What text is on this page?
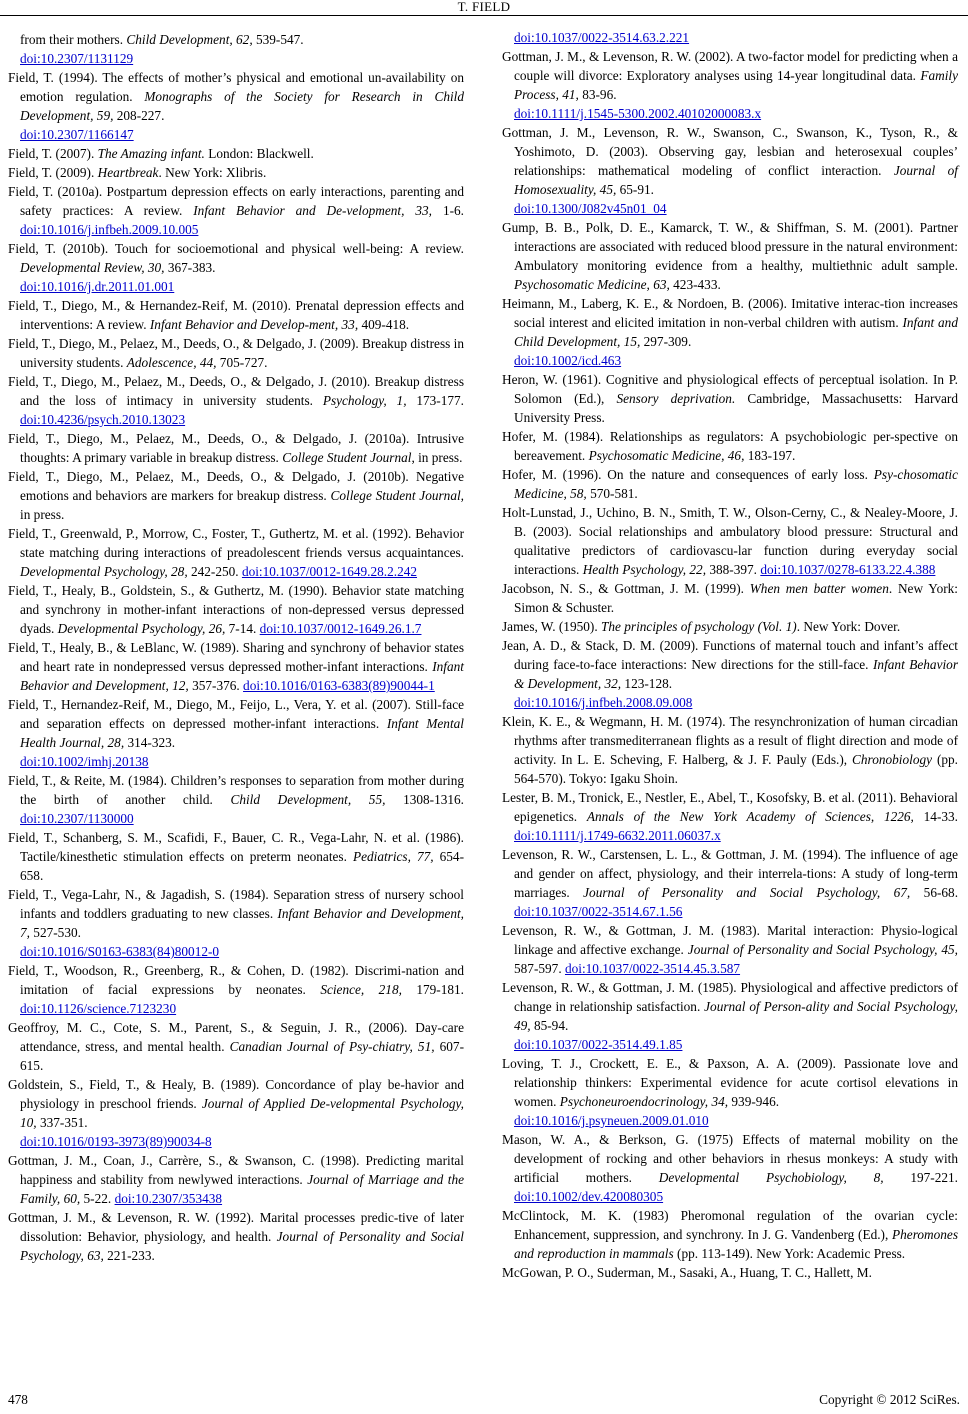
T. FIELD
from their mothers. Child Development, 62, 539-547.
doi:10.2307/1131129
Field, T. (1994). The effects of mother’s physical and emotional un-availability on emotion regulation. Monographs of the Society for Research in Child Development, 59, 208-227.
doi:10.2307/1166147
Field, T. (2007). The Amazing infant. London: Blackwell.
Field, T. (2009). Heartbreak. New York: Xlibris.
Field, T. (2010a). Postpartum depression effects on early interactions, parenting and safety practices: A review. Infant Behavior and De-velopment, 33, 1-6. doi:10.1016/j.infbeh.2009.10.005
Field, T. (2010b). Touch for socioemotional and physical well-being: A review. Developmental Review, 30, 367-383.
doi:10.1016/j.dr.2011.01.001
Field, T., Diego, M., & Hernandez-Reif, M. (2010). Prenatal depression effects and interventions: A review. Infant Behavior and Develop-ment, 33, 409-418.
Field, T., Diego, M., Pelaez, M., Deeds, O., & Delgado, J. (2009). Breakup distress in university students. Adolescence, 44, 705-727.
Field, T., Diego, M., Pelaez, M., Deeds, O., & Delgado, J. (2010). Breakup distress and the loss of intimacy in university students. Psychology, 1, 173-177. doi:10.4236/psych.2010.13023
Field, T., Diego, M., Pelaez, M., Deeds, O., & Delgado, J. (2010a). Intrusive thoughts: A primary variable in breakup distress. College Student Journal, in press.
Field, T., Diego, M., Pelaez, M., Deeds, O., & Delgado, J. (2010b). Negative emotions and behaviors are markers for breakup distress. College Student Journal, in press.
Field, T., Greenwald, P., Morrow, C., Foster, T., Guthertz, M. et al. (1992). Behavior state matching during interactions of preadolescent friends versus acquaintances. Developmental Psychology, 28, 242-250. doi:10.1037/0012-1649.28.2.242
Field, T., Healy, B., Goldstein, S., & Guthertz, M. (1990). Behavior state matching and synchrony in mother-infant interactions of non-depressed versus depressed dyads. Developmental Psychology, 26, 7-14. doi:10.1037/0012-1649.26.1.7
Field, T., Healy, B., & LeBlanc, W. (1989). Sharing and synchrony of behavior states and heart rate in nondepressed versus depressed mother-infant interactions. Infant Behavior and Development, 12, 357-376. doi:10.1016/0163-6383(89)90044-1
Field, T., Hernandez-Reif, M., Diego, M., Feijo, L., Vera, Y. et al. (2007). Still-face and separation effects on depressed mother-infant interactions. Infant Mental Health Journal, 28, 314-323.
doi:10.1002/imhj.20138
Field, T., & Reite, M. (1984). Children’s responses to separation from mother during the birth of another child. Child Development, 55, 1308-1316. doi:10.2307/1130000
Field, T., Schanberg, S. M., Scafidi, F., Bauer, C. R., Vega-Lahr, N. et al. (1986). Tactile/kinesthetic stimulation effects on preterm neonates. Pediatrics, 77, 654-658.
Field, T., Vega-Lahr, N., & Jagadish, S. (1984). Separation stress of nursery school infants and toddlers graduating to new classes. Infant Behavior and Development, 7, 527-530.
doi:10.1016/S0163-6383(84)80012-0
Field, T., Woodson, R., Greenberg, R., & Cohen, D. (1982). Discrimi-nation and imitation of facial expressions by neonates. Science, 218, 179-181. doi:10.1126/science.7123230
Geoffroy, M. C., Cote, S. M., Parent, S., & Seguin, J. R., (2006). Day-care attendance, stress, and mental health. Canadian Journal of Psy-chiatry, 51, 607-615.
Goldstein, S., Field, T., & Healy, B. (1989). Concordance of play be-havior and physiology in preschool friends. Journal of Applied De-velopmental Psychology, 10, 337-351.
doi:10.1016/0193-3973(89)90034-8
Gottman, J. M., Coan, J., Carrère, S., & Swanson, C. (1998). Predicting marital happiness and stability from newlywed interactions. Journal of Marriage and the Family, 60, 5-22. doi:10.2307/353438
Gottman, J. M., & Levenson, R. W. (1992). Marital processes predic-tive of later dissolution: Behavior, physiology, and health. Journal of Personality and Social Psychology, 63, 221-233.
doi:10.1037/0022-3514.63.2.221
Gottman, J. M., & Levenson, R. W. (2002). A two-factor model for predicting when a couple will divorce: Exploratory analyses using 14-year longitudinal data. Family Process, 41, 83-96.
doi:10.1111/j.1545-5300.2002.40102000083.x
Gottman, J. M., Levenson, R. W., Swanson, C., Swanson, K., Tyson, R., & Yoshimoto, D. (2003). Observing gay, lesbian and heterosexual couples’ relationships: mathematical modeling of conflict interaction. Journal of Homosexuality, 45, 65-91.
doi:10.1300/J082v45n01_04
Gump, B. B., Polk, D. E., Kamarck, T. W., & Shiffman, S. M. (2001). Partner interactions are associated with reduced blood pressure in the natural environment: Ambulatory monitoring evidence from a healthy, multiethnic adult sample. Psychosomatic Medicine, 63, 423-433.
Heimann, M., Laberg, K. E., & Nordoen, B. (2006). Imitative interac-tion increases social interest and elicited imitation in non-verbal children with autism. Infant and Child Development, 15, 297-309.
doi:10.1002/icd.463
Heron, W. (1961). Cognitive and physiological effects of perceptual isolation. In P. Solomon (Ed.), Sensory deprivation. Cambridge, Massachusetts: Harvard University Press.
Hofer, M. (1984). Relationships as regulators: A psychobiologic per-spective on bereavement. Psychosomatic Medicine, 46, 183-197.
Hofer, M. (1996). On the nature and consequences of early loss. Psy-chosomatic Medicine, 58, 570-581.
Holt-Lunstad, J., Uchino, B. N., Smith, T. W., Olson-Cerny, C., & Nealey-Moore, J. B. (2003). Social relationships and ambulatory blood pressure: Structural and qualitative predictors of cardiovascu-lar function during everyday social interactions. Health Psychology, 22, 388-397. doi:10.1037/0278-6133.22.4.388
Jacobson, N. S., & Gottman, J. M. (1999). When men batter women. New York: Simon & Schuster.
James, W. (1950). The principles of psychology (Vol. 1). New York: Dover.
Jean, A. D., & Stack, D. M. (2009). Functions of maternal touch and infant’s affect during face-to-face interactions: New directions for the still-face. Infant Behavior & Development, 32, 123-128.
doi:10.1016/j.infbeh.2008.09.008
Klein, K. E., & Wegmann, H. M. (1974). The resynchronization of human circadian rhythms after transmediterranean flights as a result of flight direction and mode of activity. In L. E. Scheving, F. Halberg, & J. F. Pauly (Eds.), Chronobiology (pp. 564-570). Tokyo: Igaku Shoin.
Lester, B. M., Tronick, E., Nestler, E., Abel, T., Kosofsky, B. et al. (2011). Behavioral epigenetics. Annals of the New York Academy of Sciences, 1226, 14-33. doi:10.1111/j.1749-6632.2011.06037.x
Levenson, R. W., Carstensen, L. L., & Gottman, J. M. (1994). The influence of age and gender on affect, physiology, and their interrela-tions: A study of long-term marriages. Journal of Personality and Social Psychology, 67, 56-68. doi:10.1037/0022-3514.67.1.56
Levenson, R. W., & Gottman, J. M. (1983). Marital interaction: Physio-logical linkage and affective exchange. Journal of Personality and Social Psychology, 45, 587-597. doi:10.1037/0022-3514.45.3.587
Levenson, R. W., & Gottman, J. M. (1985). Physiological and affective predictors of change in relationship satisfaction. Journal of Person-ality and Social Psychology, 49, 85-94.
doi:10.1037/0022-3514.49.1.85
Loving, T. J., Crockett, E. E., & Paxson, A. A. (2009). Passionate love and relationship thinkers: Experimental evidence for acute cortisol elevations in women. Psychoneuroendocrinology, 34, 939-946.
doi:10.1016/j.psyneuen.2009.01.010
Mason, W. A., & Berkson, G. (1975) Effects of maternal mobility on the development of rocking and other behaviors in rhesus monkeys: A study with artificial mothers. Developmental Psychobiology, 8, 197-221. doi:10.1002/dev.420080305
McClintock, M. K. (1983) Pheromonal regulation of the ovarian cycle: Enhancement, suppression, and synchrony. In J. G. Vandenberg (Ed.), Pheromones and reproduction in mammals (pp. 113-149). New York: Academic Press.
McGowan, P. O., Suderman, M., Sasaki, A., Huang, T. C., Hallett, M.
478	Copyright © 2012 SciRes.
